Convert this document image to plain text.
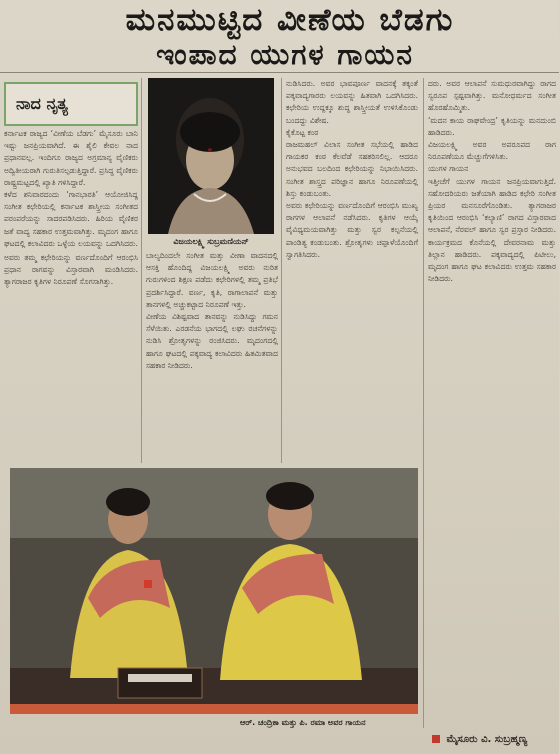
ಮನಮುಟ್ಟಿದ ವೀಣೆಯ ಬೆಡಗು
ಇಂಪಾದ ಯುಗಳ ಗಾಯನ
ನಾದ ನೃತ್ಯ

ಕರ್ನಾಟಕ ರಾಜ್ಯದ ‘ವೀಣೆಯ ಬೆಡಗು’ ಮೈಸೂರು ಬಾನಿ ಇಷ್ಟು ಜನಪ್ರಿಯವಾಗಿದೆ. ಈ ಶೈಲಿ ಕೇವಲ ನಾದ ಪ್ರಧಾನವಲ್ಲ. ಇಂದಿಗೂ ರಾಜ್ಯದ ಅಗ್ರಮಾನ್ಯ ವೈಣಿಕರು ಅದ್ವಿತೀಯರಾಗಿ ಗುರುತಿಸಲ್ಪಡುತ್ತಿದ್ದಾರೆ. ಪ್ರಸಿದ್ಧ ವೈಣಿಕರು ರಾಷ್ಟ್ರಮಟ್ಟದಲ್ಲಿ ಖ್ಯಾತಿ ಗಳಿಸಿದ್ದಾರೆ.
ಕಳೆದ ಶನಿವಾರದಂದು ‘ಗಾನಭಾರತಿ’ ಆಯೋಜಿಸಿದ್ದ ಸಂಗೀತ ಕಛೇರಿಯಲ್ಲಿ ಕರ್ನಾಟಕ ಶಾಸ್ತ್ರೀಯ ಸಂಗೀತದ ಪರಂಪರೆಯನ್ನು ಸಾದರಪಡಿಸಿದರು. ಹಿರಿಯ ವೈಣಿಕರ ಜತೆ ವಾದ್ಯ ಸಹಕಾರ ಉತ್ತಮವಾಗಿತ್ತು. ಮೃದಂಗ ಹಾಗೂ ಘಟದಲ್ಲಿ ಕಲಾವಿದರು ಒಳ್ಳೆಯ ಲಯವನ್ನು ಒದಗಿಸಿದರು.

ಅವರು ತಮ್ಮ ಕಛೇರಿಯನ್ನು ವರ್ಣದೊಂದಿಗೆ ಆರಂಭಿಸಿ ಪ್ರಧಾನ ರಾಗವನ್ನು ವಿಸ್ತಾರವಾಗಿ ಮಂಡಿಸಿದರು. ತ್ಯಾಗರಾಜರ ಕೃತಿಗಳ ನಿರೂಪಣೆ ಸೊಗಸಾಗಿತ್ತು.

ವಿಜಯಲಕ್ಷ್ಮಿ ಸುಬ್ರಮಣಿಯನ್

ಬಾಲ್ಯದಿಂದಲೇ ಸಂಗೀತ ಮತ್ತು ವೀಣಾ ವಾದನದಲ್ಲಿ ಆಸಕ್ತಿ ಹೊಂದಿದ್ದ ವಿಜಯಲಕ್ಷ್ಮಿ ಅವರು ನುರಿತ ಗುರುಗಳಿಂದ ಶಿಕ್ಷಣ ಪಡೆದು ಕಛೇರಿಗಳಲ್ಲಿ ತಮ್ಮ ಪ್ರತಿಭೆ ಪ್ರದರ್ಶಿಸಿದ್ದಾರೆ. ವರ್ಣ, ಕೃತಿ, ರಾಗಾಲಾಪನೆ ಮತ್ತು ತಾನಗಳಲ್ಲಿ ಅಚ್ಚುಕಟ್ಟಾದ ನಿರೂಪಣೆ ಇತ್ತು.
ವೀಣೆಯ ವಿಶಿಷ್ಟವಾದ ತಾನವನ್ನು ನುಡಿಸಿದ್ದು ಗಮನ ಸೆಳೆಯಿತು. ಎರಡನೆಯ ಭಾಗದಲ್ಲಿ ಲಘು ರಚನೆಗಳನ್ನು ನುಡಿಸಿ ಶ್ರೋತೃಗಳನ್ನು ರಂಜಿಸಿದರು. ಮೃದಂಗದಲ್ಲಿ ಹಾಗೂ ಘಟದಲ್ಲಿ ಪಕ್ಕವಾದ್ಯ ಕಲಾವಿದರು ಹಿತಮಿತವಾದ ಸಹಕಾರ ನೀಡಿದರು.

ನುಡಿಸಿದರು. ಅವರ ಭಾವಪೂರ್ಣ ವಾದನಕ್ಕೆ ತಕ್ಕಂತೆ ಪಕ್ಕವಾದ್ಯಗಾರರು ಲಯವನ್ನು ಹಿತವಾಗಿ ಒದಗಿಸಿದರು. ಕಛೇರಿಯ ಉದ್ದಕ್ಕೂ ಶುದ್ಧ ಶಾಸ್ತ್ರೀಯತೆ ಉಳಿಸಿಕೊಂಡು ಬಂದದ್ದು ವಿಶೇಷ.
ಕೈಕೊಟ್ಟ ಕಂಠ
ರಾಜಮಹಲ್ ವಿಲಾಸ ಸಂಗೀತ ಸಭೆಯಲ್ಲಿ ಹಾಡಿದ ಗಾಯಕರ ಕಂಠ ಕೆಲವೆಡೆ ಸಹಕರಿಸಲಿಲ್ಲ. ಆದರೂ ಅನುಭವದ ಬಲದಿಂದ ಕಛೇರಿಯನ್ನು ನಿಭಾಯಿಸಿದರು. ಸಂಗೀತ ಶಾಸ್ತ್ರದ ಪರಿಜ್ಞಾನ ಹಾಗೂ ನಿರೂಪಣೆಯಲ್ಲಿ ಶಿಸ್ತು ಕಂಡುಬಂತು.
ಅವರು ಕಛೇರಿಯನ್ನು ವರ್ಣದೊಂದಿಗೆ ಆರಂಭಿಸಿ ಮುಖ್ಯ ರಾಗಗಳ ಆಲಾಪನೆ ನಡೆಸಿದರು. ಕೃತಿಗಳ ಆಯ್ಕೆ ವೈವಿಧ್ಯಮಯವಾಗಿತ್ತು ಮತ್ತು ಸ್ವರ ಕಲ್ಪನೆಯಲ್ಲಿ ಪಾಂಡಿತ್ಯ ಕಂಡುಬಂತು. ಶ್ರೋತೃಗಳು ಚಪ್ಪಾಳೆಯೊಂದಿಗೆ ಸ್ವಾಗತಿಸಿದರು.

ದರು. ಅವರ ಆಲಾಪನೆ ಸುಮಧುರವಾಗಿದ್ದು ರಾಗದ ಸ್ವರೂಪ ಸ್ಪಷ್ಟವಾಗಿತ್ತು. ಮನೋಧರ್ಮದ ಸಂಗೀತ ಹೊರಹೊಮ್ಮಿತು.
‘ಮದನ ಕಾಯ ರಾಘವೇಂದ್ರ’ ಕೃತಿಯನ್ನು ಮನದುಂಬಿ ಹಾಡಿದರು.
ವಿಜಯಲಕ್ಷ್ಮಿ ಅವರ ಅಪರೂಪದ ರಾಗ ನಿರೂಪಣೆಯೂ ಮೆಚ್ಚುಗೆಗಳಿಸಿತು.
ಯುಗಳ ಗಾಯನ
ಇತ್ತೀಚೆಗೆ ಯುಗಳ ಗಾಯನ ಜನಪ್ರಿಯವಾಗುತ್ತಿದೆ. ಸಹೋದರಿಯರು ಜತೆಯಾಗಿ ಹಾಡಿದ ಕಛೇರಿ ಸಂಗೀತ ಪ್ರಿಯರ ಮನಸೂರೆಗೊಂಡಿತು. ತ್ಯಾಗರಾಜರ ಕೃತಿಯಿಂದ ಆರಂಭಿಸಿ ‘ಕಲ್ಯಾಣಿ’ ರಾಗದ ವಿಸ್ತಾರವಾದ ಆಲಾಪನೆ, ನೆರವಲ್ ಹಾಗೂ ಸ್ವರ ಪ್ರಸ್ತಾರ ನೀಡಿದರು. ಕಾರ್ಯಕ್ರಮದ ಕೊನೆಯಲ್ಲಿ ದೇವರನಾಮ ಮತ್ತು ತಿಲ್ಲಾನ ಹಾಡಿದರು. ಪಕ್ಕವಾದ್ಯದಲ್ಲಿ ಪಿಟೀಲು, ಮೃದಂಗ ಹಾಗೂ ಘಟ ಕಲಾವಿದರು ಉತ್ತಮ ಸಹಕಾರ ನೀಡಿದರು.

ಆರ್. ಚಂದ್ರಿಕಾ ಮತ್ತು ಪಿ. ರಮಾ ಅವರ ಗಾಯನ
ಮೈಸೂರು ವಿ. ಸುಬ್ರಹ್ಮಣ್ಯ
